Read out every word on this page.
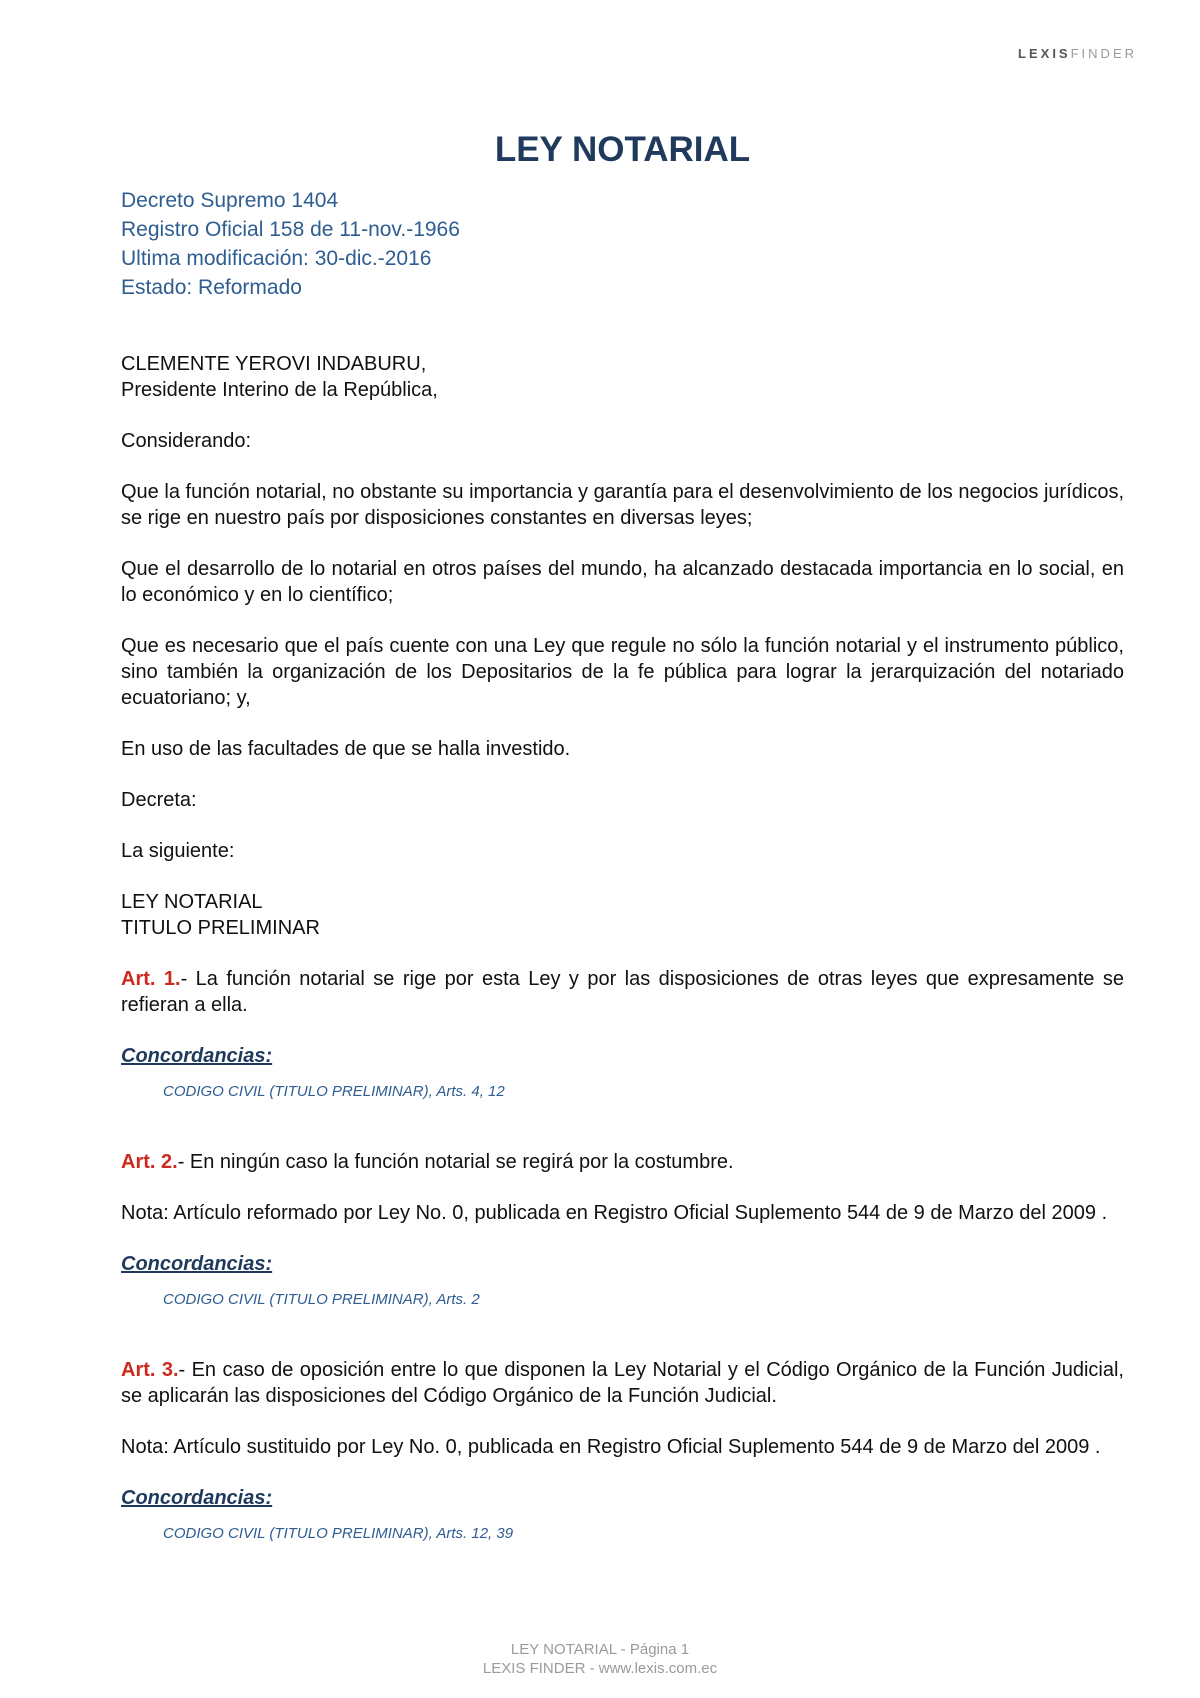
LEXISFINDER
LEY NOTARIAL
Decreto Supremo 1404
Registro Oficial 158 de 11-nov.-1966
Ultima modificación: 30-dic.-2016
Estado: Reformado
CLEMENTE YEROVI INDABURU,
Presidente Interino de la República,
Considerando:
Que la función notarial, no obstante su importancia y garantía para el desenvolvimiento de los negocios jurídicos, se rige en nuestro país por disposiciones constantes en diversas leyes;
Que el desarrollo de lo notarial en otros países del mundo, ha alcanzado destacada importancia en lo social, en lo económico y en lo científico;
Que es necesario que el país cuente con una Ley que regule no sólo la función notarial y el instrumento público, sino también la organización de los Depositarios de la fe pública para lograr la jerarquización del notariado ecuatoriano; y,
En uso de las facultades de que se halla investido.
Decreta:
La siguiente:
LEY NOTARIAL
TITULO PRELIMINAR
Art. 1.- La función notarial se rige por esta Ley y por las disposiciones de otras leyes que expresamente se refieran a ella.
Concordancias:
CODIGO CIVIL (TITULO PRELIMINAR), Arts. 4, 12
Art. 2.- En ningún caso la función notarial se regirá por la costumbre.
Nota: Artículo reformado por Ley No. 0, publicada en Registro Oficial Suplemento 544 de 9 de Marzo del 2009 .
Concordancias:
CODIGO CIVIL (TITULO PRELIMINAR), Arts. 2
Art. 3.- En caso de oposición entre lo que disponen la Ley Notarial y el Código Orgánico de la Función Judicial, se aplicarán las disposiciones del Código Orgánico de la Función Judicial.
Nota: Artículo sustituido por Ley No. 0, publicada en Registro Oficial Suplemento 544 de 9 de Marzo del 2009 .
Concordancias:
CODIGO CIVIL (TITULO PRELIMINAR), Arts. 12, 39
LEY NOTARIAL - Página 1
LEXIS FINDER - www.lexis.com.ec
